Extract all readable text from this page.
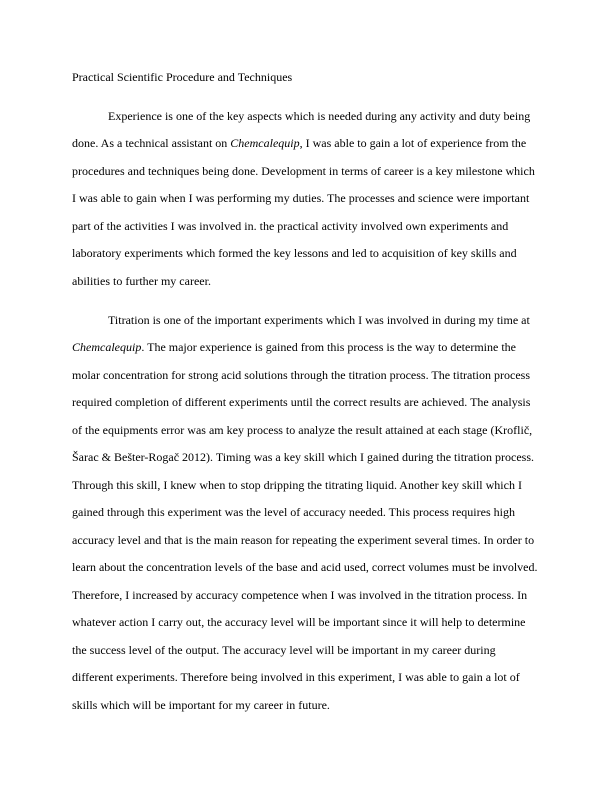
Practical Scientific Procedure and Techniques
Experience is one of the key aspects which is needed during any activity and duty being
done. As a technical assistant on Chemcalequip, I was able to gain a lot of experience from the
procedures and techniques being done. Development in terms of career is a key milestone which
I was able to gain when I was performing my duties. The processes and science were important
part of the activities I was involved in. the practical activity involved own experiments and
laboratory experiments which formed the key lessons and led to acquisition of key skills and
abilities to further my career.
Titration is one of the important experiments which I was involved in during my time at
Chemcalequip. The major experience is gained from this process is the way to determine the
molar concentration for strong acid solutions through the titration process. The titration process
required completion of different experiments until the correct results are achieved. The analysis
of the equipments error was am key process to analyze the result attained at each stage (Kroflič,
Šarac & Bešter-Rogač 2012). Timing was a key skill which I gained during the titration process.
Through this skill, I knew when to stop dripping the titrating liquid. Another key skill which I
gained through this experiment was the level of accuracy needed. This process requires high
accuracy level and that is the main reason for repeating the experiment several times. In order to
learn about the concentration levels of the base and acid used, correct volumes must be involved.
Therefore, I increased by accuracy competence when I was involved in the titration process. In
whatever action I carry out, the accuracy level will be important since it will help to determine
the success level of the output. The accuracy level will be important in my career during
different experiments. Therefore being involved in this experiment, I was able to gain a lot of
skills which will be important for my career in future.
